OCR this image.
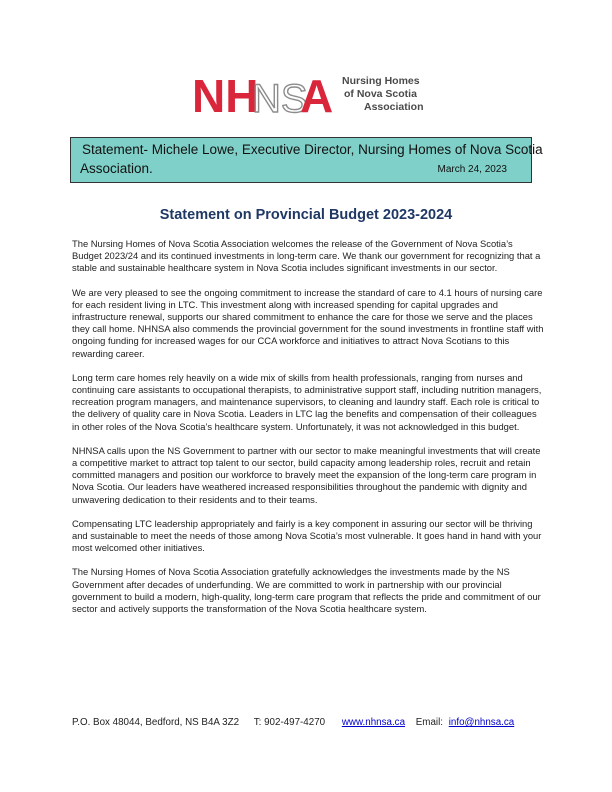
NH
NS
A Nursing Homes
of Nova Scotia
Association
Statement- Michele Lowe, Executive Director, Nursing Homes of Nova Scotia
Association.	March 24, 2023
Statement on Provincial Budget 2023-2024

The Nursing Homes of Nova Scotia Association welcomes the release of the Government of Nova Scotia’s Budget 2023/24 and its continued investments in long-term care. We thank our government for recognizing that a stable and sustainable healthcare system in Nova Scotia includes significant investments in our sector.

We are very pleased to see the ongoing commitment to increase the standard of care to 4.1 hours of nursing care for each resident living in LTC. This investment along with increased spending for capital upgrades and infrastructure renewal, supports our shared commitment to enhance the care for those we serve and the places they call home. NHNSA also commends the provincial government for the sound investments in frontline staff with ongoing funding for increased wages for our CCA workforce and initiatives to attract Nova Scotians to this rewarding career.

Long term care homes rely heavily on a wide mix of skills from health professionals, ranging from nurses and continuing care assistants to occupational therapists, to administrative support staff, including nutrition managers, recreation program managers, and maintenance supervisors, to cleaning and laundry staff. Each role is critical to the delivery of quality care in Nova Scotia. Leaders in LTC lag the benefits and compensation of their colleagues in other roles of the Nova Scotia’s healthcare system. Unfortunately, it was not acknowledged in this budget.

NHNSA calls upon the NS Government to partner with our sector to make meaningful investments that will create a competitive market to attract top talent to our sector, build capacity among leadership roles, recruit and retain committed managers and position our workforce to bravely meet the expansion of the long-term care program in Nova Scotia. Our leaders have weathered increased responsibilities throughout the pandemic with dignity and unwavering dedication to their residents and to their teams.

Compensating LTC leadership appropriately and fairly is a key component in assuring our sector will be thriving and sustainable to meet the needs of those among Nova Scotia’s most vulnerable. It goes hand in hand with your most welcomed other initiatives.

The Nursing Homes of Nova Scotia Association gratefully acknowledges the investments made by the NS Government after decades of underfunding. We are committed to work in partnership with our provincial government to build a modern, high-quality, long-term care program that reflects the pride and commitment of our sector and actively supports the transformation of the Nova Scotia healthcare system.

P.O. Box 48044, Bedford, NS B4A 3Z2 T: 902-497-4270 www.nhnsa.ca Email: info@nhnsa.ca
